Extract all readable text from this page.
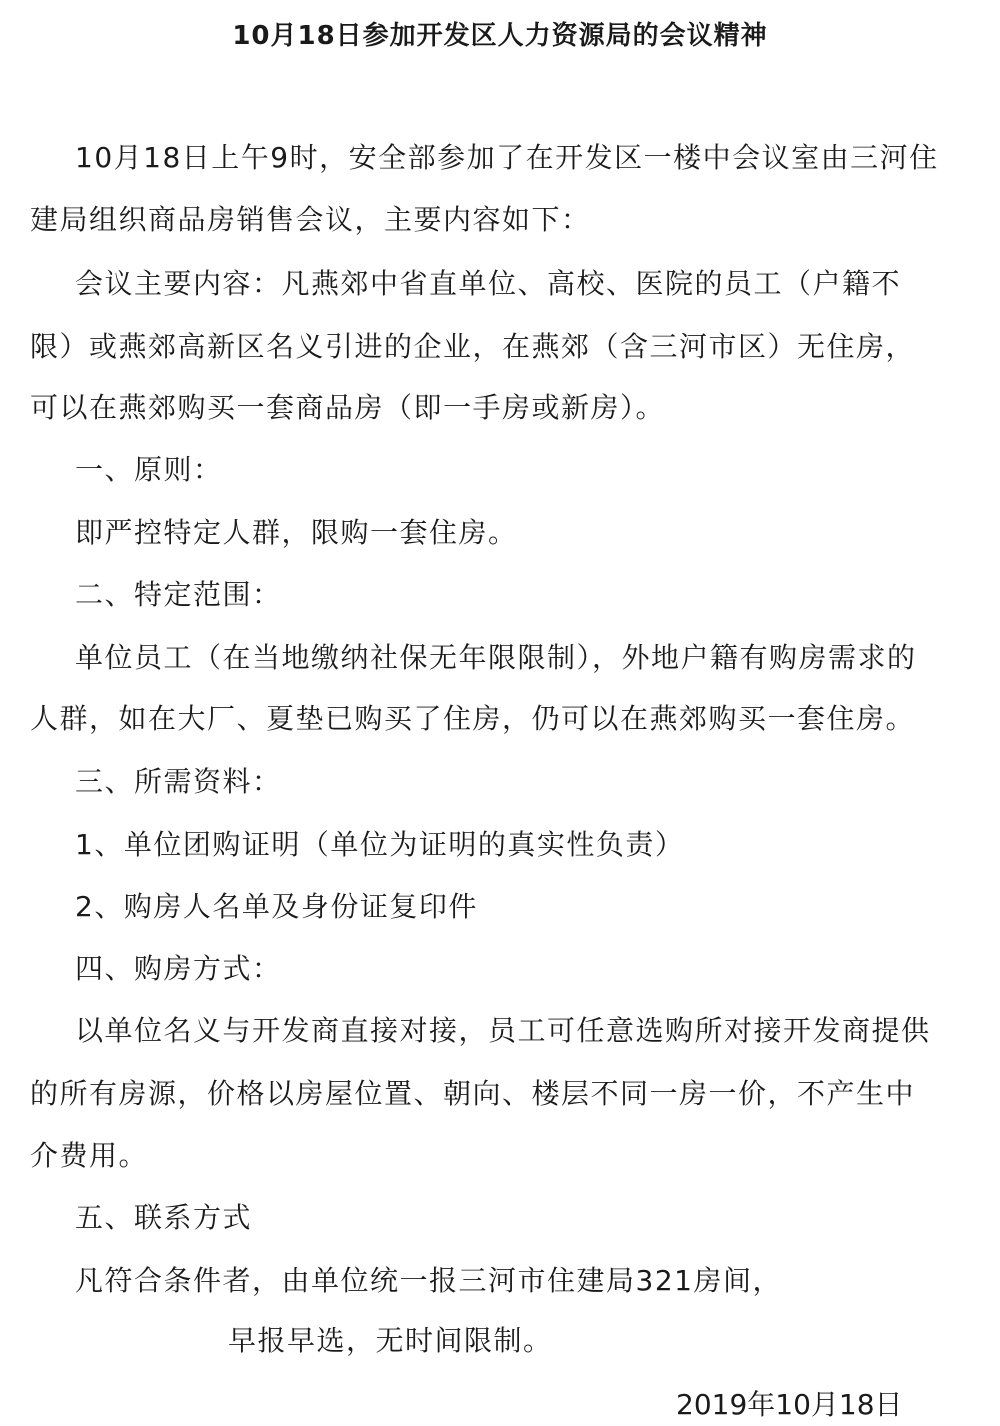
10月18日参加开发区人力资源局的会议精神
10月18日上午9时，安全部参加了在开发区一楼中会议室由三河住
建局组织商品房销售会议，主要内容如下：
会议主要内容：凡燕郊中省直单位、高校、医院的员工（户籍不
限）或燕郊高新区名义引进的企业，在燕郊（含三河市区）无住房，
可以在燕郊购买一套商品房（即一手房或新房）。
一、原则：
即严控特定人群，限购一套住房。
二、特定范围：
单位员工（在当地缴纳社保无年限限制），外地户籍有购房需求的
人群，如在大厂、夏垫已购买了住房，仍可以在燕郊购买一套住房。
三、所需资料：
1、单位团购证明（单位为证明的真实性负责）
2、购房人名单及身份证复印件
四、购房方式：
以单位名义与开发商直接对接，员工可任意选购所对接开发商提供
的所有房源，价格以房屋位置、朝向、楼层不同一房一价，不产生中
介费用。
五、联系方式
凡符合条件者，由单位统一报三河市住建局321房间，
早报早选，无时间限制。
2019年10月18日
